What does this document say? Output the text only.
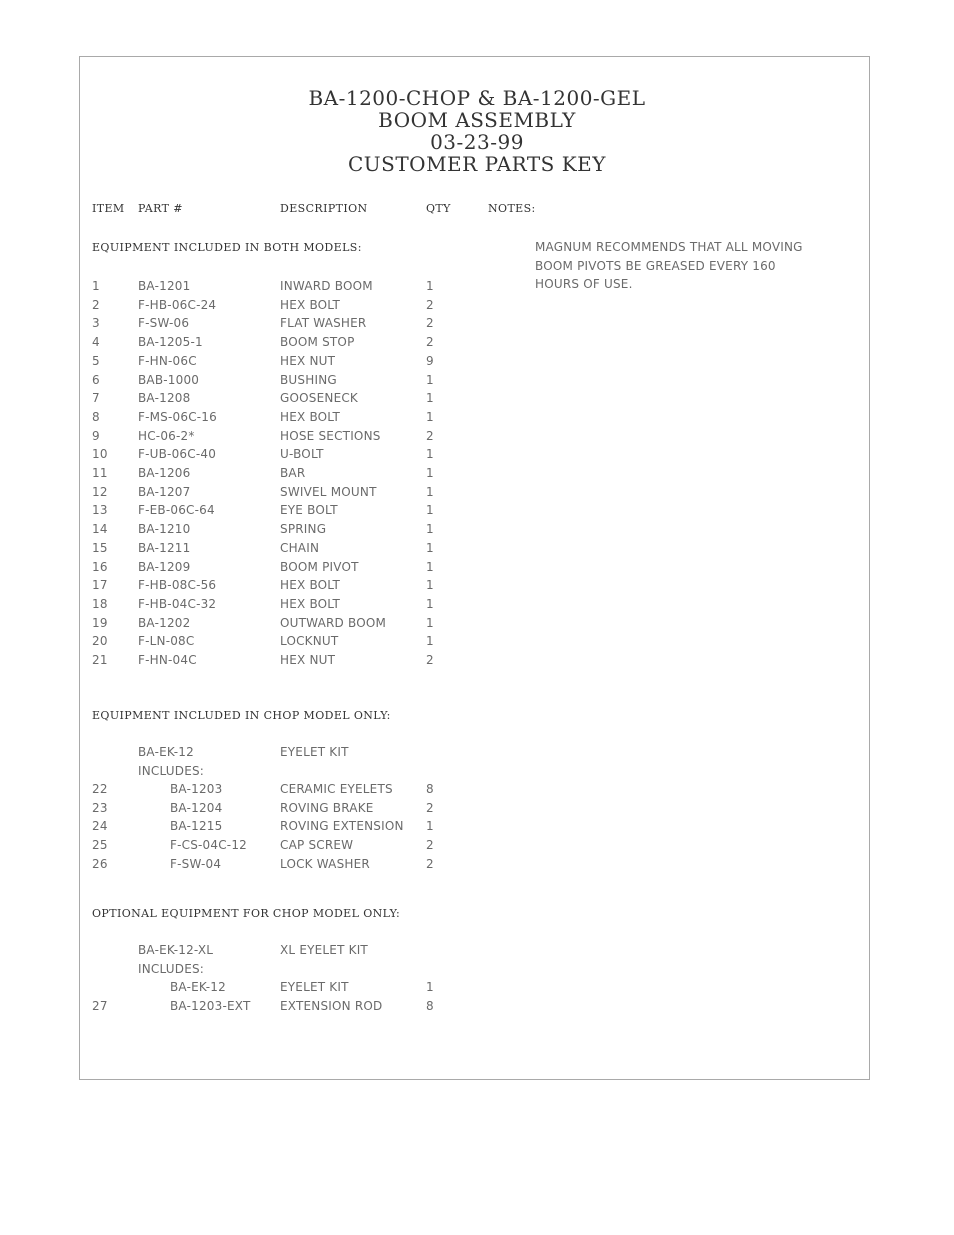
BA-1200-CHOP & BA-1200-GEL
BOOM ASSEMBLY
03-23-99
CUSTOMER PARTS KEY
ITEM PART #	DESCRIPTION	QTY	NOTES:
MAGNUM RECOMMENDS THAT ALL MOVING BOOM PIVOTS BE GREASED EVERY 160 HOURS OF USE.
EQUIPMENT INCLUDED IN BOTH MODELS:
1	BA-1201	INWARD BOOM	1
2	F-HB-06C-24	HEX BOLT	2
3	F-SW-06	FLAT WASHER	2
4	BA-1205-1	BOOM STOP	2
5	F-HN-06C	HEX NUT	9
6	BAB-1000	BUSHING	1
7	BA-1208	GOOSENECK	1
8	F-MS-06C-16	HEX BOLT	1
9	HC-06-2*	HOSE SECTIONS	2
10	F-UB-06C-40	U-BOLT	1
11	BA-1206	BAR	1
12	BA-1207	SWIVEL MOUNT	1
13	F-EB-06C-64	EYE BOLT	1
14	BA-1210	SPRING	1
15	BA-1211	CHAIN	1
16	BA-1209	BOOM PIVOT	1
17	F-HB-08C-56	HEX BOLT	1
18	F-HB-04C-32	HEX BOLT	1
19	BA-1202	OUTWARD BOOM	1
20	F-LN-08C	LOCKNUT	1
21	F-HN-04C	HEX NUT	2
EQUIPMENT INCLUDED IN CHOP MODEL ONLY:
BA-EK-12	EYELET KIT
INCLUDES:
22	BA-1203	CERAMIC EYELETS	8
23	BA-1204	ROVING BRAKE	2
24	BA-1215	ROVING EXTENSION 1
25	F-CS-04C-12	CAP SCREW	2
26	F-SW-04	LOCK WASHER	2
OPTIONAL EQUIPMENT FOR CHOP MODEL ONLY:
BA-EK-12-XL	XL EYELET KIT
INCLUDES:
BA-EK-12	EYELET KIT	1
27	BA-1203-EXT EXTENSION ROD	8
